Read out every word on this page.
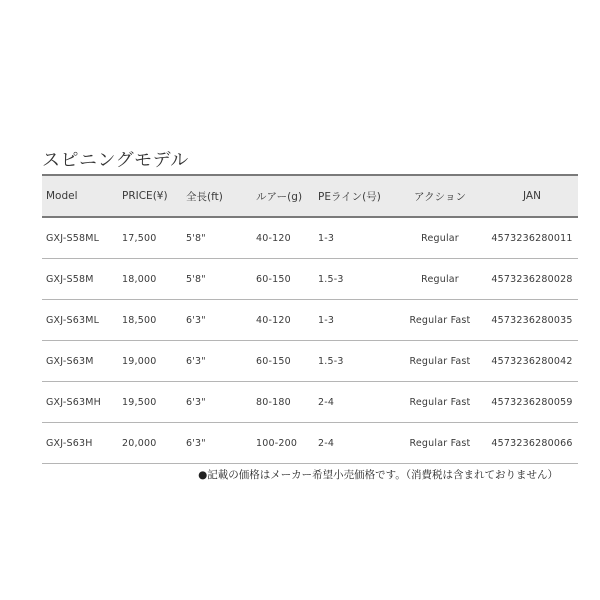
スピニングモデル
Model	PRICE(¥)	全長(ft)	ルアー(g)	PEライン(号)	アクション	JAN
GXJ-S58ML	17,500	5'8"	40-120	1-3	Regular	4573236280011
GXJ-S58M	18,000	5'8"	60-150	1.5-3	Regular	4573236280028
GXJ-S63ML	18,500	6'3"	40-120	1-3	Regular Fast	4573236280035
GXJ-S63M	19,000	6'3"	60-150	1.5-3	Regular Fast	4573236280042
GXJ-S63MH	19,500	6'3"	80-180	2-4	Regular Fast	4573236280059
GXJ-S63H	20,000	6'3"	100-200	2-4	Regular Fast	4573236280066
●記載の価格はメーカー希望小売価格です。（消費税は含まれておりません）
